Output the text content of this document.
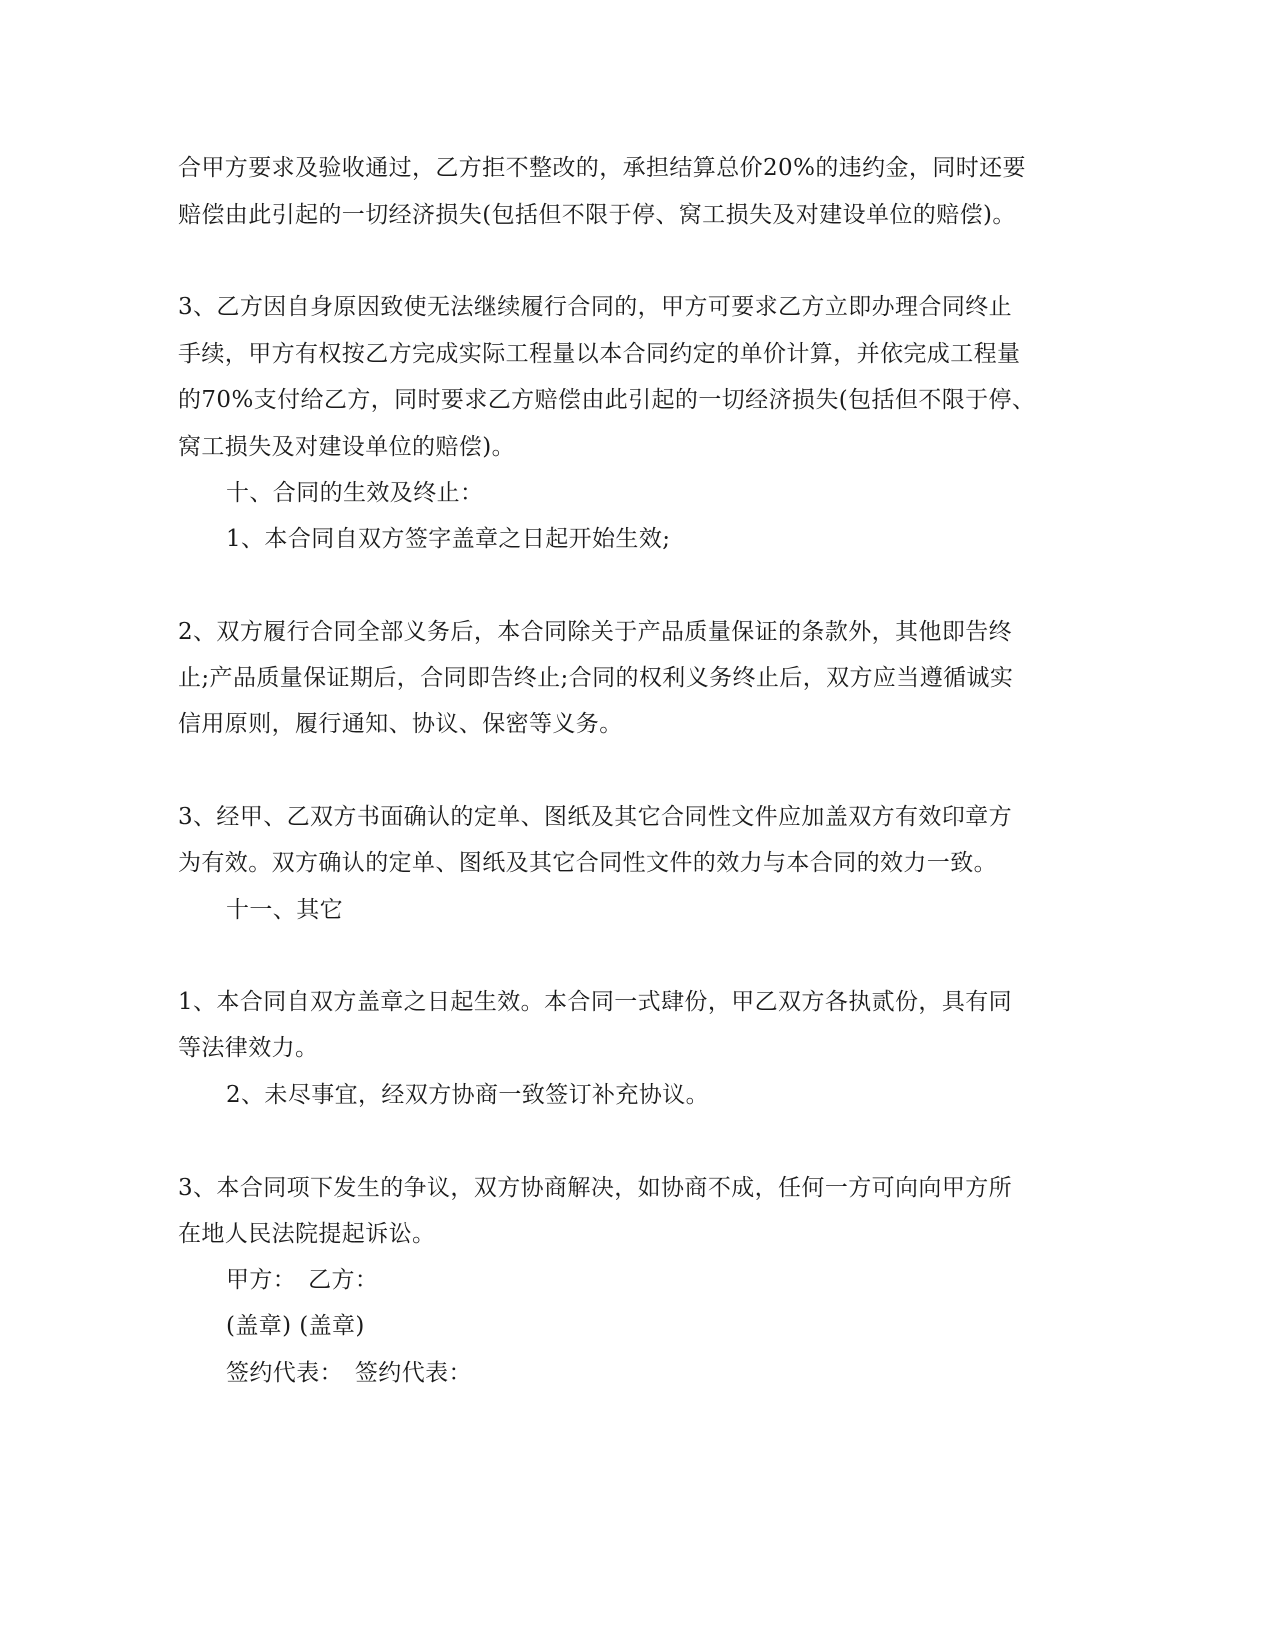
合甲方要求及验收通过，乙方拒不整改的，承担结算总价20%的违约金，同时还要
赔偿由此引起的一切经济损失(包括但不限于停、窝工损失及对建设单位的赔偿)。
3、乙方因自身原因致使无法继续履行合同的，甲方可要求乙方立即办理合同终止
手续，甲方有权按乙方完成实际工程量以本合同约定的单价计算，并依完成工程量
的70%支付给乙方，同时要求乙方赔偿由此引起的一切经济损失(包括但不限于停、
窝工损失及对建设单位的赔偿)。
十、合同的生效及终止：
1、本合同自双方签字盖章之日起开始生效;
2、双方履行合同全部义务后，本合同除关于产品质量保证的条款外，其他即告终
止;产品质量保证期后，合同即告终止;合同的权利义务终止后，双方应当遵循诚实
信用原则，履行通知、协议、保密等义务。
3、经甲、乙双方书面确认的定单、图纸及其它合同性文件应加盖双方有效印章方
为有效。双方确认的定单、图纸及其它合同性文件的效力与本合同的效力一致。
十一、其它
1、本合同自双方盖章之日起生效。本合同一式肆份，甲乙双方各执贰份，具有同
等法律效力。
2、未尽事宜，经双方协商一致签订补充协议。
3、本合同项下发生的争议，双方协商解决，如协商不成，任何一方可向向甲方所
在地人民法院提起诉讼。
甲方：　乙方：
(盖章) (盖章)
签约代表：　签约代表：
